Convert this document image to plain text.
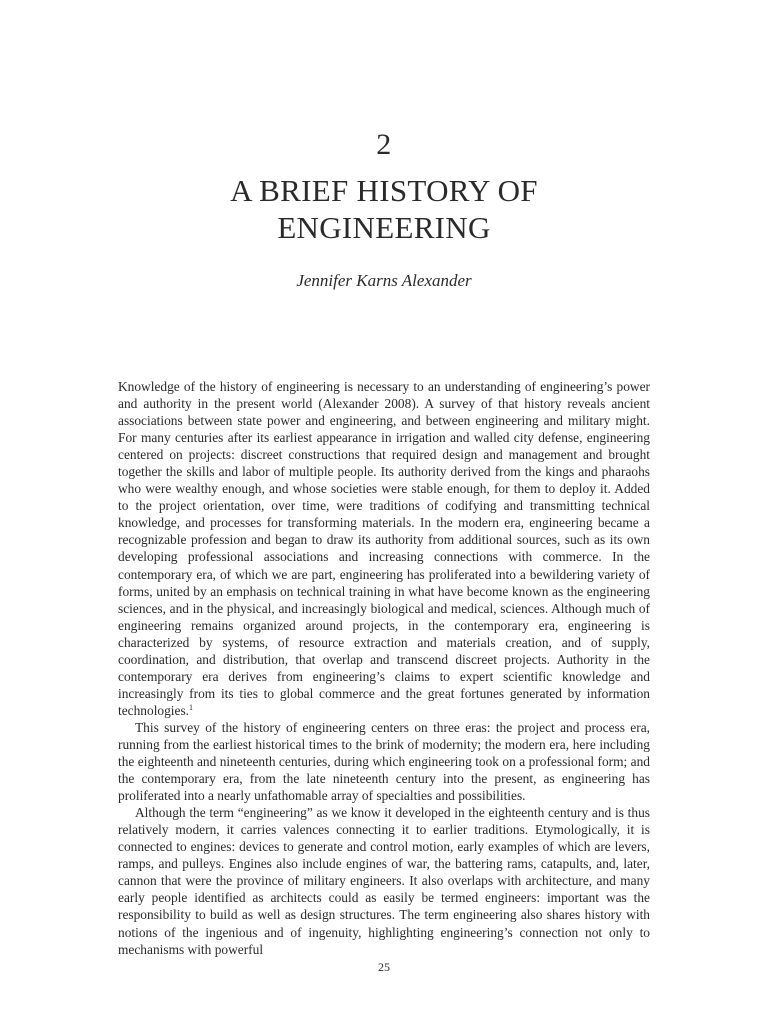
2
A BRIEF HISTORY OF
ENGINEERING
Jennifer Karns Alexander

Knowledge of the history of engineering is necessary to an understanding of engineering’s power and authority in the present world (Alexander 2008). A survey of that history reveals ancient associations between state power and engineering, and between engineering and military might. For many centuries after its earliest appearance in irrigation and walled city defense, engineering centered on projects: discreet constructions that required design and management and brought together the skills and labor of multiple people. Its authority derived from the kings and pharaohs who were wealthy enough, and whose societies were stable enough, for them to deploy it. Added to the project orientation, over time, were traditions of codifying and transmitting technical knowledge, and processes for transforming materials. In the modern era, engineering became a recognizable profession and began to draw its authority from additional sources, such as its own developing professional associations and increasing connections with commerce. In the contemporary era, of which we are part, engineering has proliferated into a bewildering variety of forms, united by an emphasis on technical training in what have become known as the engineering sciences, and in the physical, and increasingly biological and medical, sciences. Although much of engineering remains organized around projects, in the contemporary era, engineering is characterized by systems, of resource extraction and materials creation, and of supply, coordination, and distribution, that overlap and transcend discreet projects. Authority in the contemporary era derives from engineering’s claims to expert scientific knowledge and increasingly from its ties to global commerce and the great fortunes generated by information technologies.$^1$

This survey of the history of engineering centers on three eras: the project and process era, running from the earliest historical times to the brink of modernity; the modern era, here including the eighteenth and nineteenth centuries, during which engineering took on a professional form; and the contemporary era, from the late nineteenth century into the present, as engineering has proliferated into a nearly unfathomable array of specialties and possibilities.

Although the term “engineering” as we know it developed in the eighteenth century and is thus relatively modern, it carries valences connecting it to earlier traditions. Etymologically, it is connected to engines: devices to generate and control motion, early examples of which are levers, ramps, and pulleys. Engines also include engines of war, the battering rams, catapults, and, later, cannon that were the province of military engineers. It also overlaps with architecture, and many early people identified as architects could as easily be termed engineers: important was the responsibility to build as well as design structures. The term engineering also shares history with notions of the ingenious and of ingenuity, highlighting engineering’s connection not only to mechanisms with powerful

25
